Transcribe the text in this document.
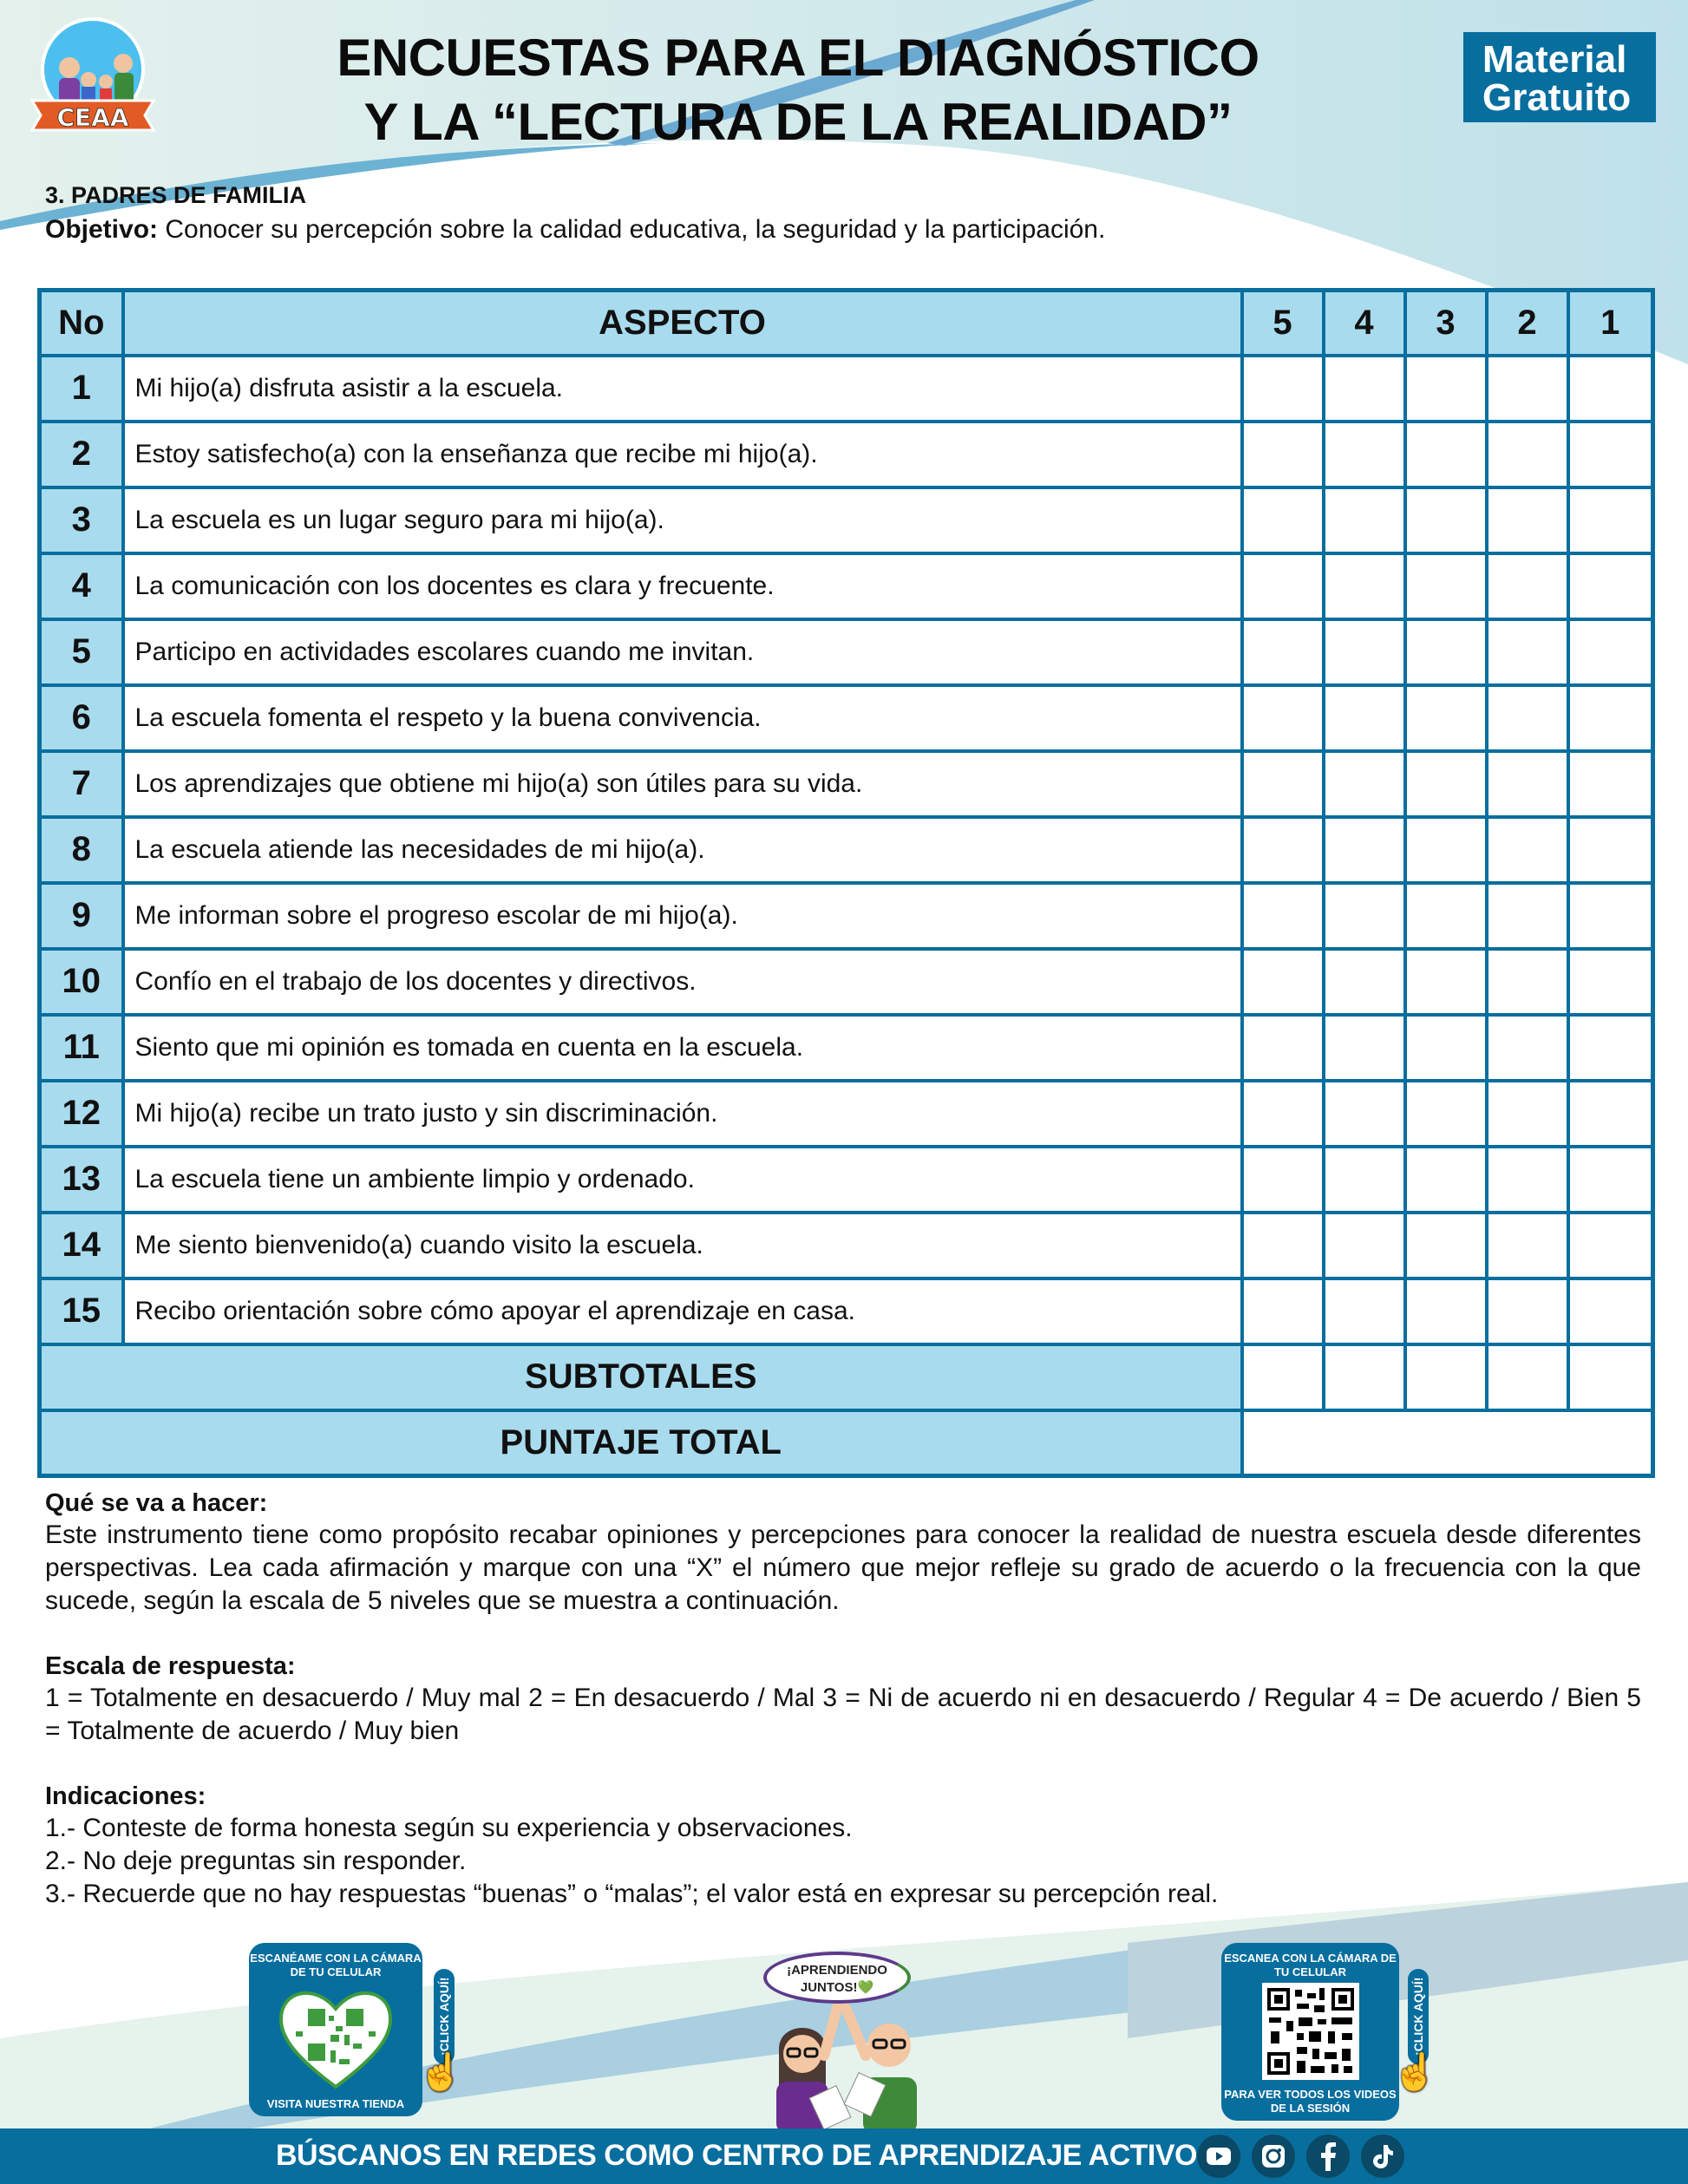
CEAA
ENCUESTAS PARA EL DIAGNÓSTICO
Y LA “LECTURA DE LA REALIDAD”
Material
Gratuito
3. PADRES DE FAMILIA
Objetivo: Conocer su percepción sobre la calidad educativa, la seguridad y la participación.
No	ASPECTO	5	4	3	2	1
1	Mi hijo(a) disfruta asistir a la escuela.					
2	Estoy satisfecho(a) con la enseñanza que recibe mi hijo(a).					
3	La escuela es un lugar seguro para mi hijo(a).					
4	La comunicación con los docentes es clara y frecuente.					
5	Participo en actividades escolares cuando me invitan.					
6	La escuela fomenta el respeto y la buena convivencia.					
7	Los aprendizajes que obtiene mi hijo(a) son útiles para su vida.					
8	La escuela atiende las necesidades de mi hijo(a).					
9	Me informan sobre el progreso escolar de mi hijo(a).					
10	Confío en el trabajo de los docentes y directivos.					
11	Siento que mi opinión es tomada en cuenta en la escuela.					
12	Mi hijo(a) recibe un trato justo y sin discriminación.					
13	La escuela tiene un ambiente limpio y ordenado.					
14	Me siento bienvenido(a) cuando visito la escuela.					
15	Recibo orientación sobre cómo apoyar el aprendizaje en casa.					
SUBTOTALES						
PUNTAJE TOTAL						
Qué se va a hacer:

Este instrumento tiene como propósito recabar opiniones y percepciones para conocer la realidad de nuestra escuela desde diferentes perspectivas. Lea cada afirmación y marque con una “X” el número que mejor refleje su grado de acuerdo o la frecuencia con la que sucede, según la escala de 5 niveles que se muestra a continuación.

Escala de respuesta:

1 = Totalmente en desacuerdo / Muy mal 2 = En desacuerdo / Mal 3 = Ni de acuerdo ni en desacuerdo / Regular 4 = De acuerdo / Bien 5 = Totalmente de acuerdo / Muy bien

Indicaciones:
1.- Conteste de forma honesta según su experiencia y observaciones.
2.- No deje preguntas sin responder.
3.- Recuerde que no hay respuestas “buenas” o “malas”; el valor está en expresar su percepción real.
ESCANÉAME CON LA CÁMARA DE TU CELULAR
VISITA NUESTRA TIENDA
¡CLICK AQUÍ!
☝
¡APRENDIENDO JUNTOS!💚
ESCANEA CON LA CÁMARA DE TU CELULAR
PARA VER TODOS LOS VIDEOS DE LA SESIÓN
¡CLICK AQUÍ!
☝
BÚSCANOS EN REDES COMO CENTRO DE APRENDIZAJE ACTIVO
